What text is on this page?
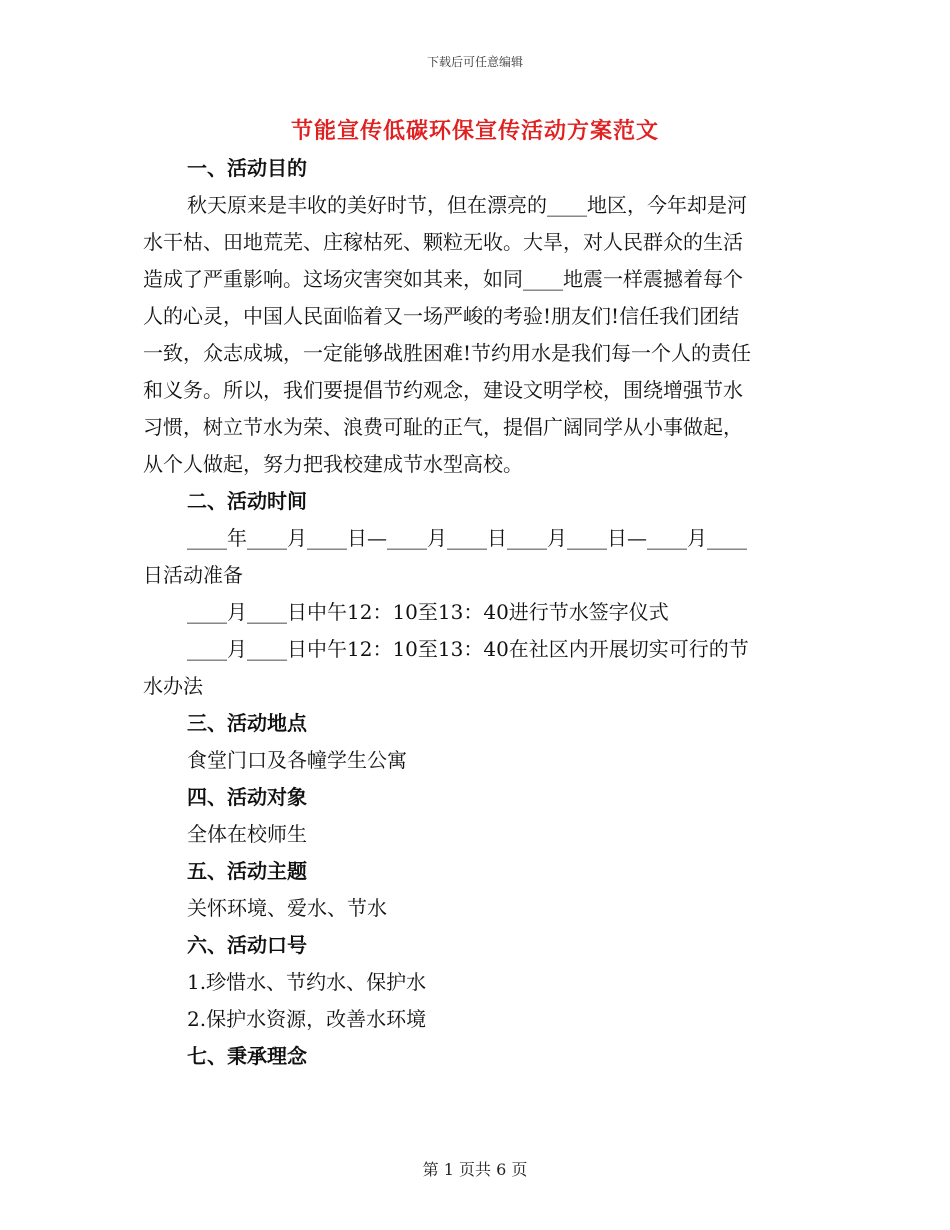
下载后可任意编辑
节能宣传低碳环保宣传活动方案范文
一、活动目的
秋天原来是丰收的美好时节，但在漂亮的____地区，今年却是河
水干枯、田地荒芜、庄稼枯死、颗粒无收。大旱，对人民群众的生活
造成了严重影响。这场灾害突如其来，如同____地震一样震撼着每个
人的心灵，中国人民面临着又一场严峻的考验!朋友们!信任我们团结
一致，众志成城，一定能够战胜困难!节约用水是我们每一个人的责任
和义务。所以，我们要提倡节约观念，建设文明学校，围绕增强节水
习惯，树立节水为荣、浪费可耻的正气，提倡广阔同学从小事做起，
从个人做起，努力把我校建成节水型高校。
二、活动时间
____年____月____日—____月____日____月____日—____月____
日活动准备
____月____日中午12：10至13：40进行节水签字仪式
____月____日中午12：10至13：40在社区内开展切实可行的节
水办法
三、活动地点
食堂门口及各幢学生公寓
四、活动对象
全体在校师生
五、活动主题
关怀环境、爱水、节水
六、活动口号
1.珍惜水、节约水、保护水
2.保护水资源，改善水环境
七、秉承理念
第 1 页共 6 页
